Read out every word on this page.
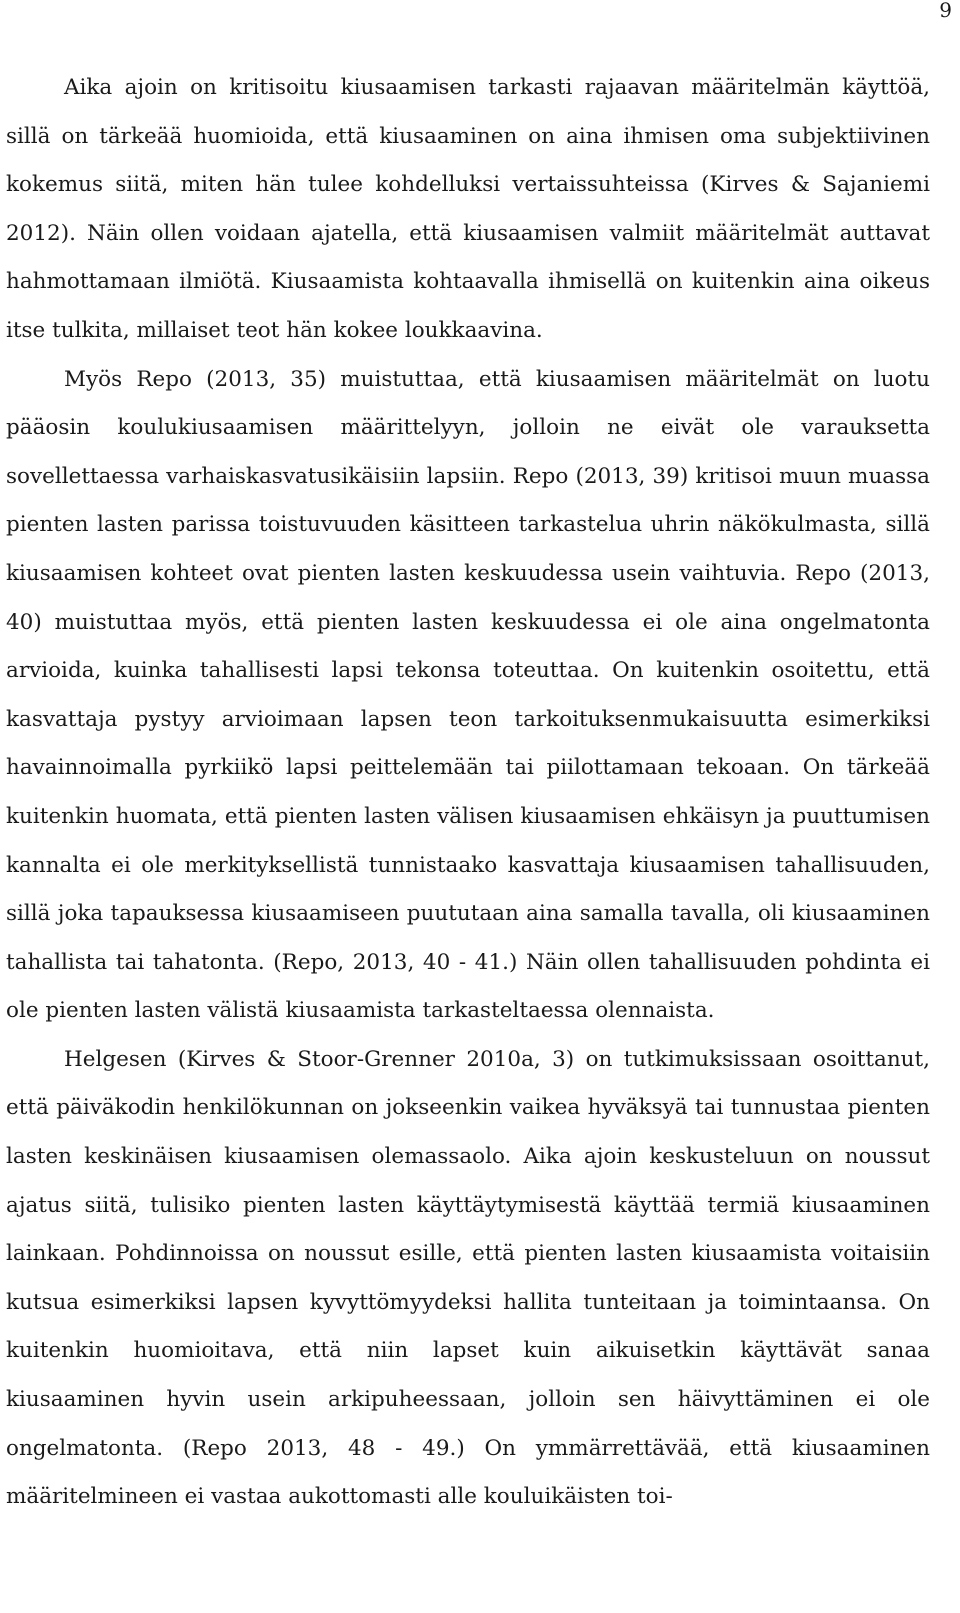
9

Aika ajoin on kritisoitu kiusaamisen tarkasti rajaavan määritelmän käyttöä, sillä on tärkeää huomioida, että kiusaaminen on aina ihmisen oma subjektiivinen kokemus siitä, miten hän tulee kohdelluksi vertaissuhteissa (Kirves & Sajaniemi 2012). Näin ollen voidaan ajatella, että kiusaamisen valmiit määritelmät auttavat hahmottamaan ilmiötä. Kiusaamista kohtaavalla ihmisellä on kuitenkin aina oikeus itse tulkita, millaiset teot hän kokee loukkaavina.

Myös Repo (2013, 35) muistuttaa, että kiusaamisen määritelmät on luotu pääosin koulukiusaamisen määrittelyyn, jolloin ne eivät ole varauksetta sovellettaessa varhaiskasvatusikäisiin lapsiin. Repo (2013, 39) kritisoi muun muassa pienten lasten parissa toistuvuuden käsitteen tarkastelua uhrin näkökulmasta, sillä kiusaamisen kohteet ovat pienten lasten keskuudessa usein vaihtuvia. Repo (2013, 40) muistuttaa myös, että pienten lasten keskuudessa ei ole aina ongelmatonta arvioida, kuinka tahallisesti lapsi tekonsa toteuttaa. On kuitenkin osoitettu, että kasvattaja pystyy arvioimaan lapsen teon tarkoituksenmukaisuutta esimerkiksi havainnoimalla pyrkiikö lapsi peittelemään tai piilottamaan tekoaan. On tärkeää kuitenkin huomata, että pienten lasten välisen kiusaamisen ehkäisyn ja puuttumisen kannalta ei ole merkityksellistä tunnistaako kasvattaja kiusaamisen tahallisuuden, sillä joka tapauksessa kiusaamiseen puututaan aina samalla tavalla, oli kiusaaminen tahallista tai tahatonta. (Repo, 2013, 40 - 41.) Näin ollen tahallisuuden pohdinta ei ole pienten lasten välistä kiusaamista tarkasteltaessa olennaista.

Helgesen (Kirves & Stoor-Grenner 2010a, 3) on tutkimuksissaan osoittanut, että päiväkodin henkilökunnan on jokseenkin vaikea hyväksyä tai tunnustaa pienten lasten keskinäisen kiusaamisen olemassaolo. Aika ajoin keskusteluun on noussut ajatus siitä, tulisiko pienten lasten käyttäytymisestä käyttää termiä kiusaaminen lainkaan. Pohdinnoissa on noussut esille, että pienten lasten kiusaamista voitaisiin kutsua esimerkiksi lapsen kyvyttömyydeksi hallita tunteitaan ja toimintaansa. On kuitenkin huomioitava, että niin lapset kuin aikuisetkin käyttävät sanaa kiusaaminen hyvin usein arkipuheessaan, jolloin sen häivyttäminen ei ole ongelmatonta. (Repo 2013, 48 - 49.) On ymmärrettävää, että kiusaaminen määritelmineen ei vastaa aukottomasti alle kouluikäisten toi-
